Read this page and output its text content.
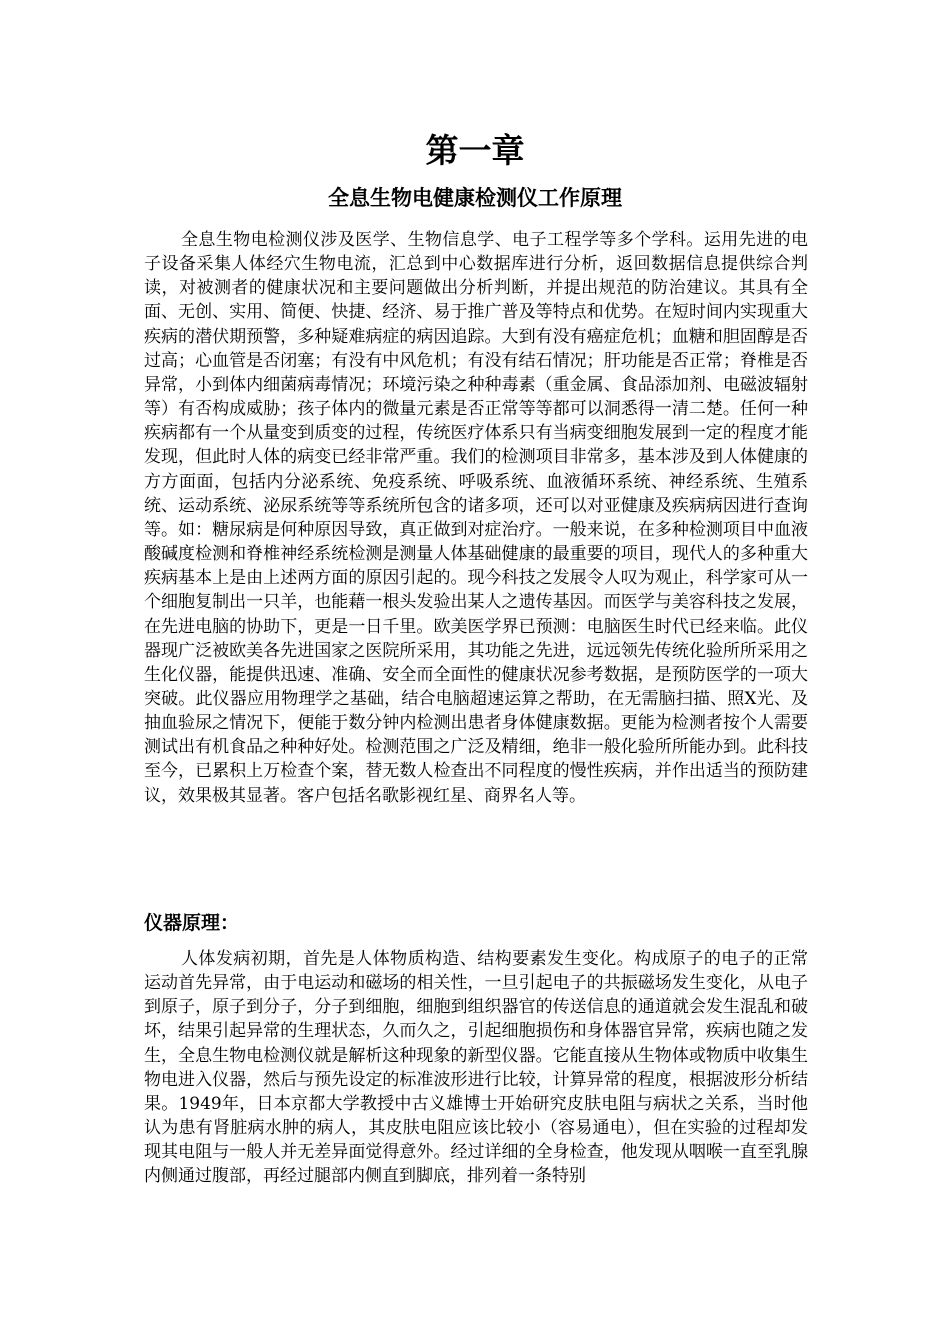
第一章
全息生物电健康检测仪工作原理

全息生物电检测仪涉及医学、生物信息学、电子工程学等多个学科。运用先进的电子设备采集人体经穴生物电流，汇总到中心数据库进行分析，返回数据信息提供综合判读，对被测者的健康状况和主要问题做出分析判断，并提出规范的防治建议。其具有全面、无创、实用、简便、快捷、经济、易于推广普及等特点和优势。在短时间内实现重大疾病的潜伏期预警，多种疑难病症的病因追踪。大到有没有癌症危机；血糖和胆固醇是否过高；心血管是否闭塞；有没有中风危机；有没有结石情况；肝功能是否正常；脊椎是否异常，小到体内细菌病毒情况；环境污染之种种毒素（重金属、食品添加剂、电磁波辐射等）有否构成威胁；孩子体内的微量元素是否正常等等都可以洞悉得一清二楚。任何一种疾病都有一个从量变到质变的过程，传统医疗体系只有当病变细胞发展到一定的程度才能发现，但此时人体的病变已经非常严重。我们的检测项目非常多，基本涉及到人体健康的方方面面，包括内分泌系统、免疫系统、呼吸系统、血液循环系统、神经系统、生殖系统、运动系统、泌尿系统等等系统所包含的诸多项，还可以对亚健康及疾病病因进行查询等。如：糖尿病是何种原因导致，真正做到对症治疗。一般来说，在多种检测项目中血液酸碱度检测和脊椎神经系统检测是测量人体基础健康的最重要的项目，现代人的多种重大疾病基本上是由上述两方面的原因引起的。现今科技之发展令人叹为观止，科学家可从一个细胞复制出一只羊，也能藉一根头发验出某人之遗传基因。而医学与美容科技之发展，在先进电脑的协助下，更是一日千里。欧美医学界已预测：电脑医生时代已经来临。此仪器现广泛被欧美各先进国家之医院所采用，其功能之先进，远远领先传统化验所所采用之生化仪器，能提供迅速、准确、安全而全面性的健康状况参考数据，是预防医学的一项大突破。此仪器应用物理学之基础，结合电脑超速运算之帮助，在无需脑扫描、照X光、及抽血验尿之情况下，便能于数分钟内检测出患者身体健康数据。更能为检测者按个人需要测试出有机食品之种种好处。检测范围之广泛及精细，绝非一般化验所所能办到。此科技至今，已累积上万检查个案，替无数人检查出不同程度的慢性疾病，并作出适当的预防建议，效果极其显著。客户包括名歌影视红星、商界名人等。

仪器原理：

人体发病初期，首先是人体物质构造、结构要素发生变化。构成原子的电子的正常运动首先异常，由于电运动和磁场的相关性，一旦引起电子的共振磁场发生变化，从电子到原子，原子到分子，分子到细胞，细胞到组织器官的传送信息的通道就会发生混乱和破坏，结果引起异常的生理状态，久而久之，引起细胞损伤和身体器官异常，疾病也随之发生，全息生物电检测仪就是解析这种现象的新型仪器。它能直接从生物体或物质中收集生物电进入仪器，然后与预先设定的标准波形进行比较，计算异常的程度，根据波形分析结果。1949年，日本京都大学教授中古义雄博士开始研究皮肤电阻与病状之关系，当时他认为患有肾脏病水肿的病人，其皮肤电阻应该比较小（容易通电），但在实验的过程却发现其电阻与一般人并无差异面觉得意外。经过详细的全身检查，他发现从咽喉一直至乳腺内侧通过腹部，再经过腿部内侧直到脚底，排列着一条特别
